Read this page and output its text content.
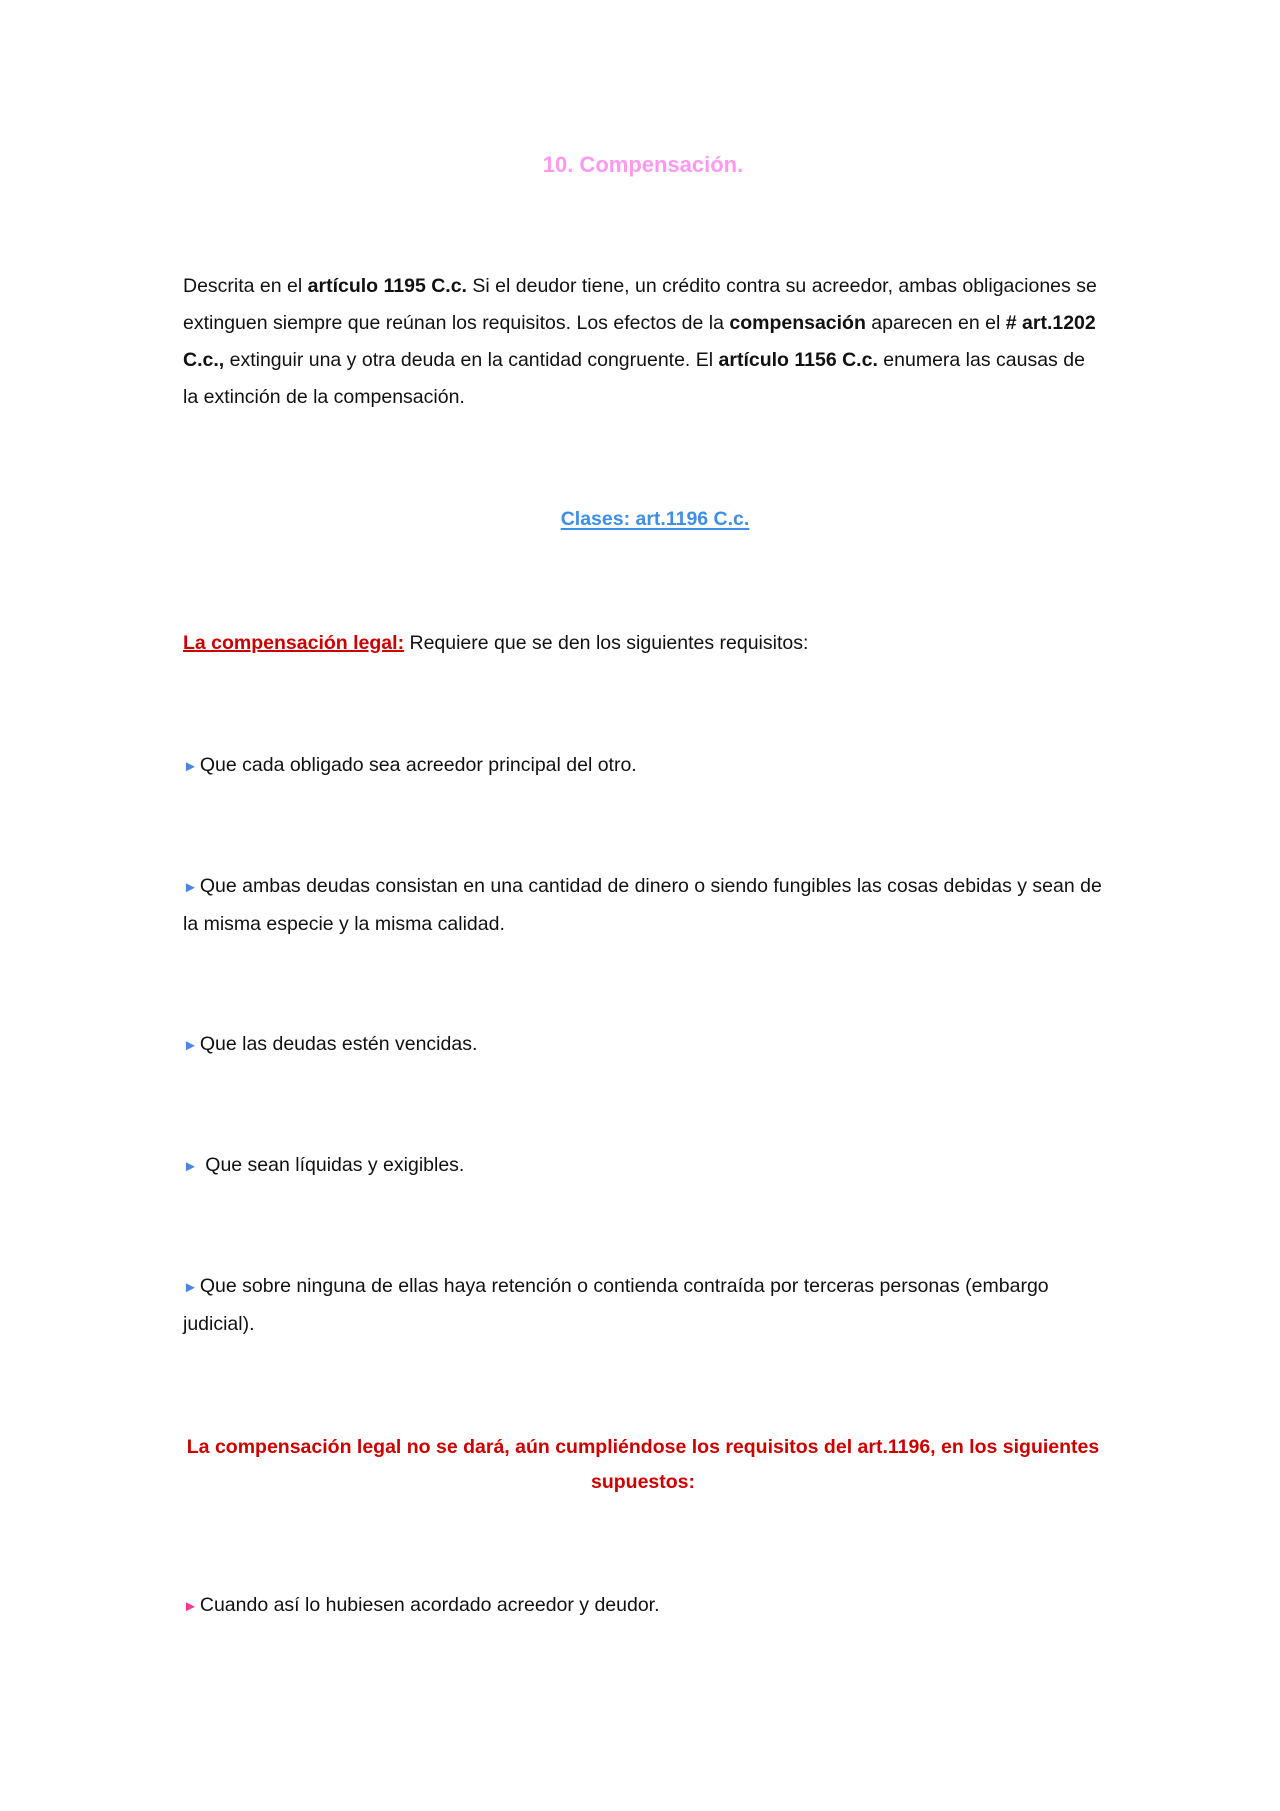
10. Compensación.

Descrita en el artículo 1195 C.c. Si el deudor tiene, un crédito contra su acreedor, ambas obligaciones se extinguen siempre que reúnan los requisitos. Los efectos de la compensación aparecen en el # art.1202 C.c., extinguir una y otra deuda en la cantidad congruente. El artículo 1156 C.c. enumera las causas de la extinción de la compensación.

Clases: art.1196 C.c.
La compensación legal: Requiere que se den los siguientes requisitos:
► Que cada obligado sea acreedor principal del otro.
► Que ambas deudas consistan en una cantidad de dinero o siendo fungibles las cosas debidas y sean de la misma especie y la misma calidad.
► Que las deudas estén vencidas.
► Que sean líquidas y exigibles.
► Que sobre ninguna de ellas haya retención o contienda contraída por terceras personas (embargo judicial).
La compensación legal no se dará, aún cumpliéndose los requisitos del art.1196, en los siguientes supuestos:
► Cuando así lo hubiesen acordado acreedor y deudor.
